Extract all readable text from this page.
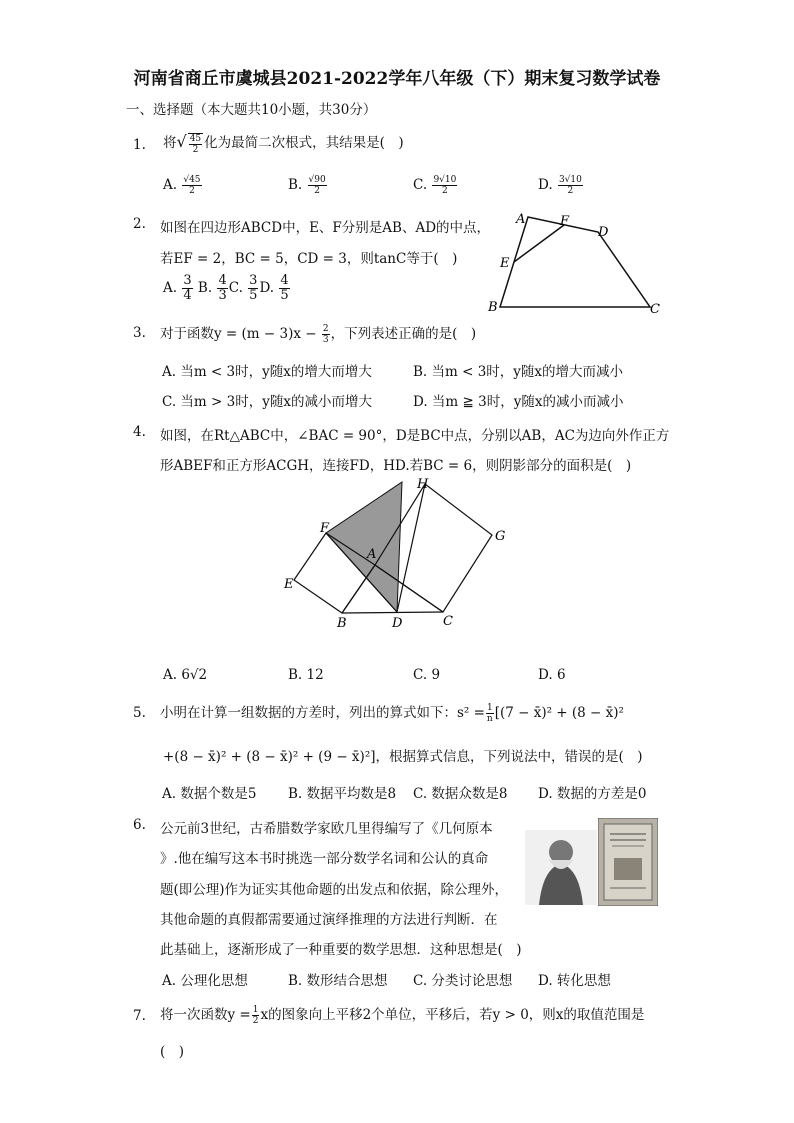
河南省商丘市虞城县2021-2022学年八年级（下）期末复习数学试卷
一、选择题（本大题共10小题，共30分）
1. 将√ $\frac{45}{2}$ 化为最简二次根式，其结果是(　)
A. $\frac{√45}{2}$	B. $\frac{√90}{2}$	C. $\frac{9√10}{2}$	D. $\frac{3√10}{2}$
2. 如图在四边形ABCD中，E、F分别是AB、AD的中点，
若EF = 2，BC = 5，CD = 3，则tanC等于(　)
A. $\frac{3}{4} B$. $\frac{4}{3}C$. $\frac{3}{5}D$. $\frac{4}{5}$
A	F
D
E
B	C
3. 对于函数$y = (m - 3)x - \frac{2}{3}$ ，下列表述正确的是(　)
A. 当m < 3时，y随x的增大而增大	B. 当m < 3时，y随x的增大而减小
C. 当m > 3时，y随x的减小而增大	D. 当m ≧ 3时，y随x的减小而减小
4. 如图，在Rt△ABC中，∠BAC = 90°，D是BC中点，分别以AB，AC为边向外作正方
形ABEF和正方形ACGH，连接FD，HD.若BC = 6，则阴影部分的面积是(　)
H
F
A
G
E
B	D	C
A. 6√2	B. 12	C. 9	D. 6
5. 小明在计算一组数据的方差时，列出的算式如下：$s^2 = \frac{1}{n} [(7$ − x̄)² + (8 − x̄)²
+(8 − x̄)² + (8 − x̄)² + (9 − x̄)²]，根据算式信息，下列说法中，错误的是(　)
A. 数据个数是5 B. 数据平均数是8 C. 数据众数是8 D. 数据的方差是0
6. 公元前3世纪，古希腊数学家欧几里得编写了《几何原本
》.他在编写这本书时挑选一部分数学名词和公认的真命
题(即公理)作为证实其他命题的出发点和依据，除公理外，
其他命题的真假都需要通过演绎推理的方法进行判断．在
此基础上，逐渐形成了一种重要的数学思想．这种思想是(　)
A. 公理化思想	B. 数形结合思想 C. 分类讨论思想 D. 转化思想
7. 将一次函数$y = \frac{1}{2}$ x的图象向上平移2个单位，平移后，若y > 0，则x的取值范围是
(　)
